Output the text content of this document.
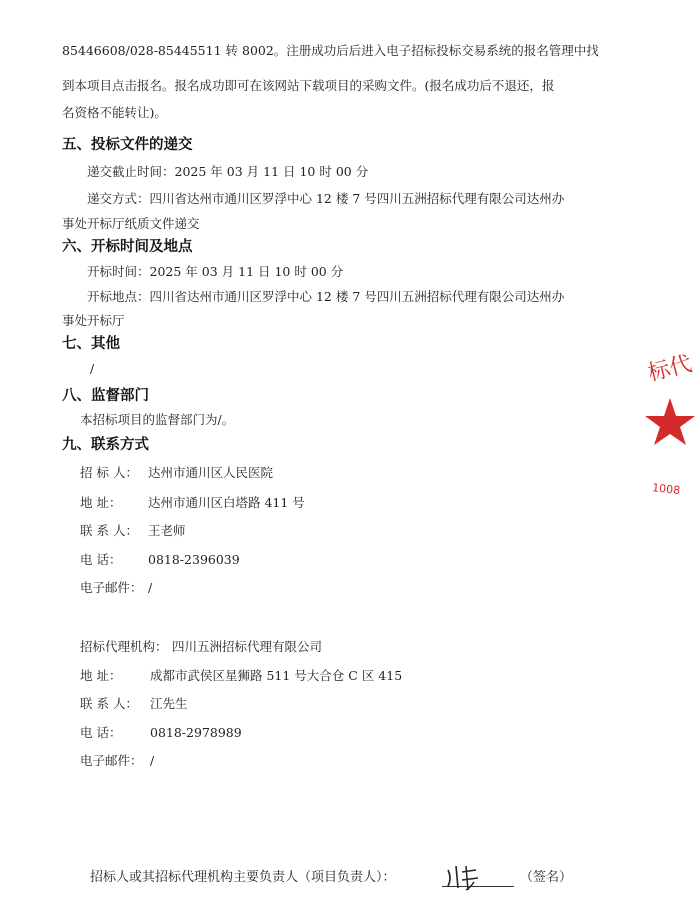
85446608/028-85445511 转 8002。注册成功后后进入电子招标投标交易系统的报名管理中找
到本项目点击报名。报名成功即可在该网站下载项目的采购文件。(报名成功后不退还，报
名资格不能转让)。
五、投标文件的递交
递交截止时间：2025 年 03 月 11 日 10 时 00 分
递交方式：四川省达州市通川区罗浮中心 12 楼 7 号四川五洲招标代理有限公司达州办
事处开标厅纸质文件递交
六、开标时间及地点
开标时间：2025 年 03 月 11 日 10 时 00 分
开标地点：四川省达州市通川区罗浮中心 12 楼 7 号四川五洲招标代理有限公司达州办
事处开标厅
七、其他
/
八、监督部门
本招标项目的监督部门为/。
九、联系方式
招 标 人： 达州市通川区人民医院
地 址： 达州市通川区白塔路 411 号
联 系 人： 王老师
电 话： 0818-2396039
电子邮件： /
招标代理机构： 四川五洲招标代理有限公司
地 址： 成都市武侯区星狮路 511 号大合仓 C 区 415
联 系 人： 江先生
电 话： 0818-2978989
电子邮件： /
招标人或其招标代理机构主要负责人（项目负责人）：	（签名）
标代
1008
